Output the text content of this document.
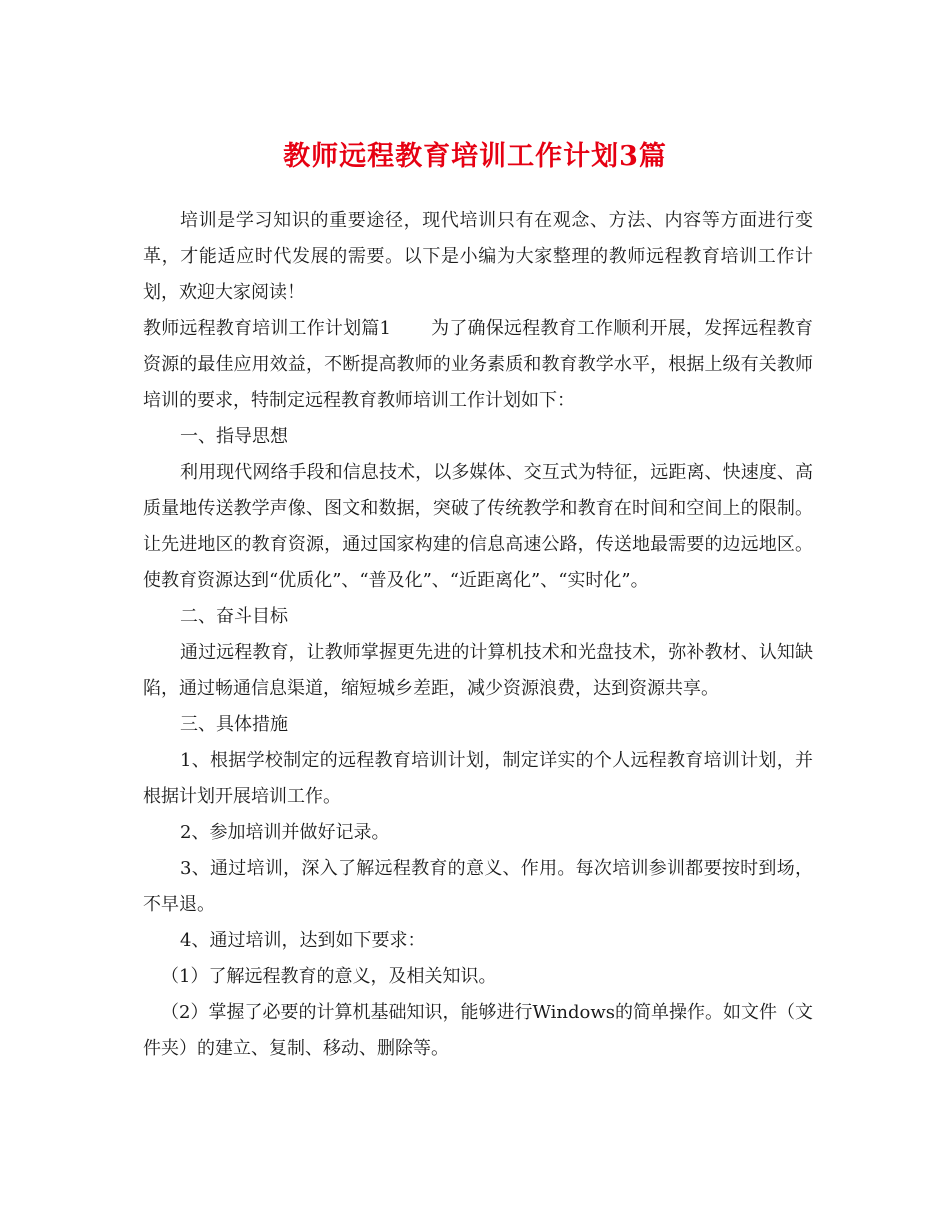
教师远程教育培训工作计划3篇

培训是学习知识的重要途径，现代培训只有在观念、方法、内容等方面进行变革，才能适应时代发展的需要。以下是小编为大家整理的教师远程教育培训工作计划，欢迎大家阅读！

教师远程教育培训工作计划篇1 为了确保远程教育工作顺利开展，发挥远程教育资源的最佳应用效益，不断提高教师的业务素质和教育教学水平，根据上级有关教师培训的要求，特制定远程教育教师培训工作计划如下：

一、指导思想

利用现代网络手段和信息技术，以多媒体、交互式为特征，远距离、快速度、高质量地传送教学声像、图文和数据，突破了传统教学和教育在时间和空间上的限制。让先进地区的教育资源，通过国家构建的信息高速公路，传送地最需要的边远地区。使教育资源达到“优质化”、“普及化”、“近距离化”、“实时化”。

二、奋斗目标

通过远程教育，让教师掌握更先进的计算机技术和光盘技术，弥补教材、认知缺陷，通过畅通信息渠道，缩短城乡差距，减少资源浪费，达到资源共享。

三、具体措施

1、根据学校制定的远程教育培训计划，制定详实的个人远程教育培训计划，并根据计划开展培训工作。

2、参加培训并做好记录。

3、通过培训，深入了解远程教育的意义、作用。每次培训参训都要按时到场，不早退。

4、通过培训，达到如下要求：

（1）了解远程教育的意义，及相关知识。

（2）掌握了必要的计算机基础知识，能够进行Windows的简单操作。如文件（文件夹）的建立、复制、移动、删除等。
